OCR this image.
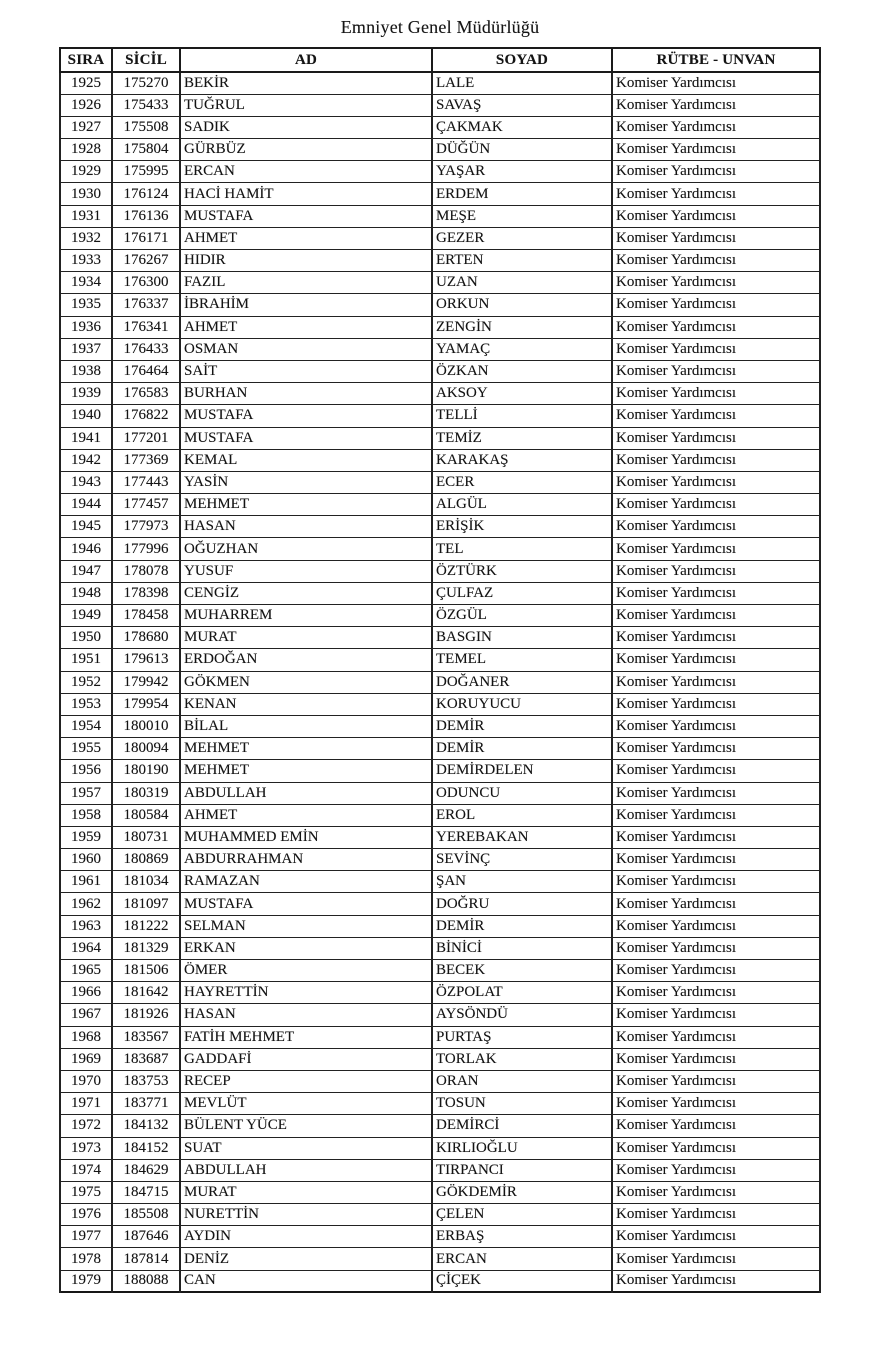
Emniyet Genel Müdürlüğü
SIRA	SİCİL	AD	SOYAD	RÜTBE - UNVAN
1925	175270	BEKİR	LALE	Komiser Yardımcısı
1926	175433	TUĞRUL	SAVAŞ	Komiser Yardımcısı
1927	175508	SADIK	ÇAKMAK	Komiser Yardımcısı
1928	175804	GÜRBÜZ	DÜĞÜN	Komiser Yardımcısı
1929	175995	ERCAN	YAŞAR	Komiser Yardımcısı
1930	176124	HACİ HAMİT	ERDEM	Komiser Yardımcısı
1931	176136	MUSTAFA	MEŞE	Komiser Yardımcısı
1932	176171	AHMET	GEZER	Komiser Yardımcısı
1933	176267	HIDIR	ERTEN	Komiser Yardımcısı
1934	176300	FAZIL	UZAN	Komiser Yardımcısı
1935	176337	İBRAHİM	ORKUN	Komiser Yardımcısı
1936	176341	AHMET	ZENGİN	Komiser Yardımcısı
1937	176433	OSMAN	YAMAÇ	Komiser Yardımcısı
1938	176464	SAİT	ÖZKAN	Komiser Yardımcısı
1939	176583	BURHAN	AKSOY	Komiser Yardımcısı
1940	176822	MUSTAFA	TELLİ	Komiser Yardımcısı
1941	177201	MUSTAFA	TEMİZ	Komiser Yardımcısı
1942	177369	KEMAL	KARAKAŞ	Komiser Yardımcısı
1943	177443	YASİN	ECER	Komiser Yardımcısı
1944	177457	MEHMET	ALGÜL	Komiser Yardımcısı
1945	177973	HASAN	ERİŞİK	Komiser Yardımcısı
1946	177996	OĞUZHAN	TEL	Komiser Yardımcısı
1947	178078	YUSUF	ÖZTÜRK	Komiser Yardımcısı
1948	178398	CENGİZ	ÇULFAZ	Komiser Yardımcısı
1949	178458	MUHARREM	ÖZGÜL	Komiser Yardımcısı
1950	178680	MURAT	BASGIN	Komiser Yardımcısı
1951	179613	ERDOĞAN	TEMEL	Komiser Yardımcısı
1952	179942	GÖKMEN	DOĞANER	Komiser Yardımcısı
1953	179954	KENAN	KORUYUCU	Komiser Yardımcısı
1954	180010	BİLAL	DEMİR	Komiser Yardımcısı
1955	180094	MEHMET	DEMİR	Komiser Yardımcısı
1956	180190	MEHMET	DEMİRDELEN	Komiser Yardımcısı
1957	180319	ABDULLAH	ODUNCU	Komiser Yardımcısı
1958	180584	AHMET	EROL	Komiser Yardımcısı
1959	180731	MUHAMMED EMİN	YEREBAKAN	Komiser Yardımcısı
1960	180869	ABDURRAHMAN	SEVİNÇ	Komiser Yardımcısı
1961	181034	RAMAZAN	ŞAN	Komiser Yardımcısı
1962	181097	MUSTAFA	DOĞRU	Komiser Yardımcısı
1963	181222	SELMAN	DEMİR	Komiser Yardımcısı
1964	181329	ERKAN	BİNİCİ	Komiser Yardımcısı
1965	181506	ÖMER	BECEK	Komiser Yardımcısı
1966	181642	HAYRETTİN	ÖZPOLAT	Komiser Yardımcısı
1967	181926	HASAN	AYSÖNDÜ	Komiser Yardımcısı
1968	183567	FATİH MEHMET	PURTAŞ	Komiser Yardımcısı
1969	183687	GADDAFİ	TORLAK	Komiser Yardımcısı
1970	183753	RECEP	ORAN	Komiser Yardımcısı
1971	183771	MEVLÜT	TOSUN	Komiser Yardımcısı
1972	184132	BÜLENT YÜCE	DEMİRCİ	Komiser Yardımcısı
1973	184152	SUAT	KIRLIOĞLU	Komiser Yardımcısı
1974	184629	ABDULLAH	TIRPANCI	Komiser Yardımcısı
1975	184715	MURAT	GÖKDEMİR	Komiser Yardımcısı
1976	185508	NURETTİN	ÇELEN	Komiser Yardımcısı
1977	187646	AYDIN	ERBAŞ	Komiser Yardımcısı
1978	187814	DENİZ	ERCAN	Komiser Yardımcısı
1979	188088	CAN	ÇİÇEK	Komiser Yardımcısı
